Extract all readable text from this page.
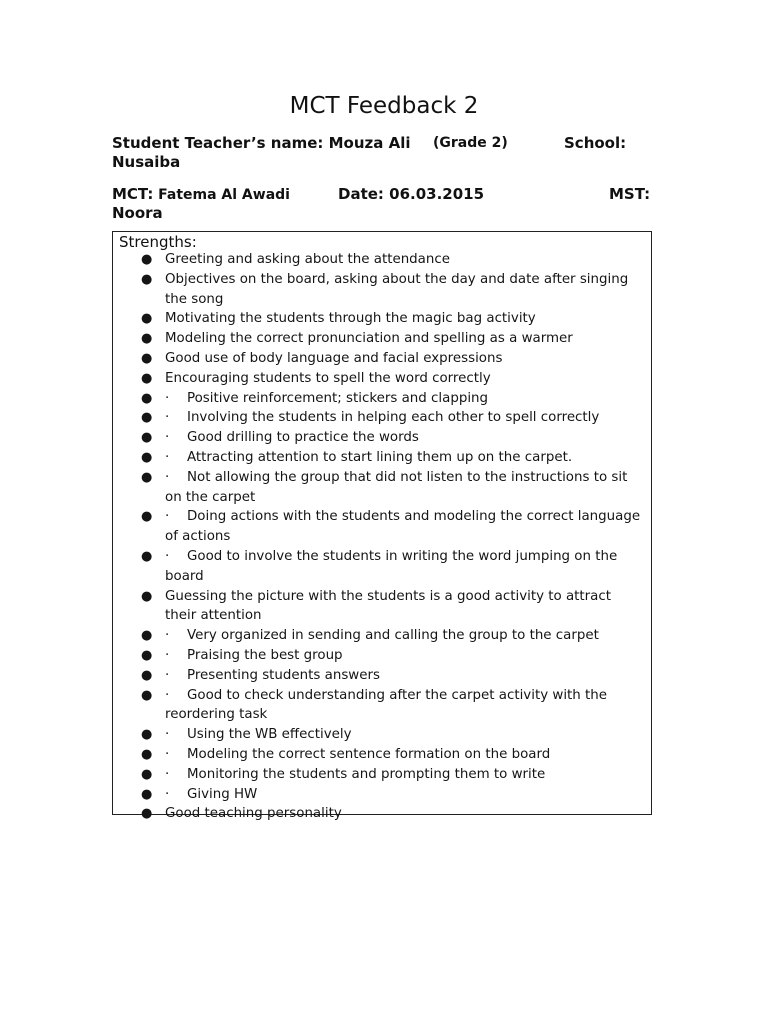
MCT Feedback 2
Student Teacher’s name: Mouza Ali (Grade 2)	School:
Nusaiba
MCT: Fatema Al Awadi	Date: 06.03.2015	MST:
Noora
Strengths:
● Greeting and asking about the attendance
● Objectives on the board, asking about the day and date after singing the song
● Motivating the students through the magic bag activity
● Modeling the correct pronunciation and spelling as a warmer
● Good use of body language and facial expressions
● Encouraging students to spell the word correctly
● · Positive reinforcement; stickers and clapping
● · Involving the students in helping each other to spell correctly
● · Good drilling to practice the words
● · Attracting attention to start lining them up on the carpet.
● · Not allowing the group that did not listen to the instructions to sit on the carpet
● · Doing actions with the students and modeling the correct language of actions
● · Good to involve the students in writing the word jumping on the board
● Guessing the picture with the students is a good activity to attract their attention
● · Very organized in sending and calling the group to the carpet
● · Praising the best group
● · Presenting students answers
● · Good to check understanding after the carpet activity with the reordering task
● · Using the WB effectively
● · Modeling the correct sentence formation on the board
● · Monitoring the students and prompting them to write
● · Giving HW
● Good teaching personality
